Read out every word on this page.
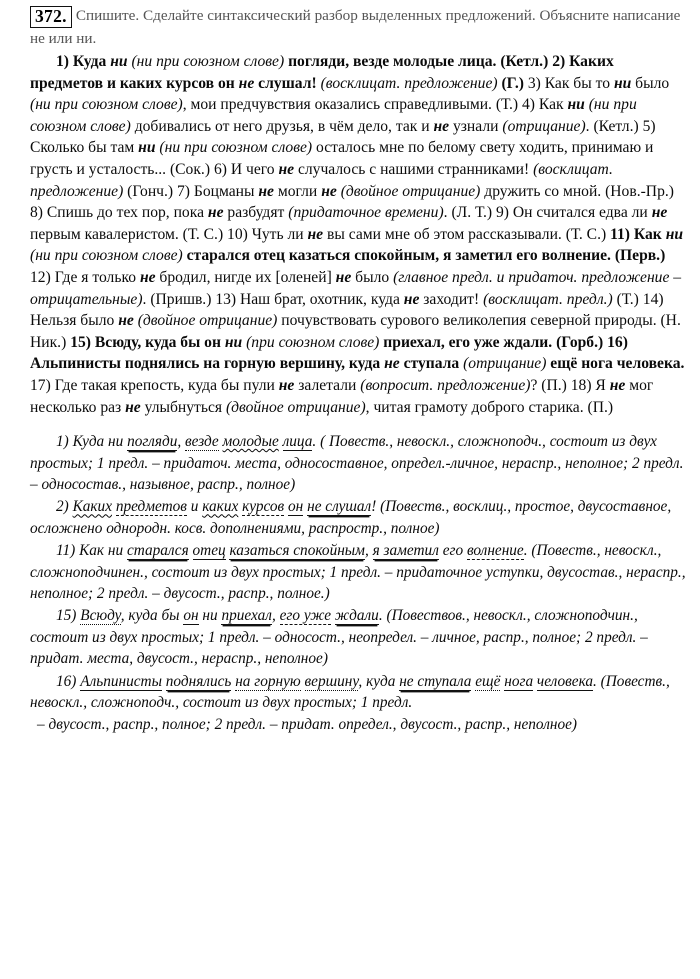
372. Спишите. Сделайте синтаксический разбор выделенных предложений. Объясните написание не или ни.
1) Куда ни (ни при союзном слове) погляди, везде молодые лица. (Кетл.) 2) Каких предметов и каких курсов он не слушал! (восклицат. предложение) (Г.) 3) Как бы то ни было (ни при союзном слове), мои предчувствия оказались справедливыми. (Т.) 4) Как ни (ни при союзном слове) добивались от него друзья, в чём дело, так и не узнали (отрицание). (Кетл.) 5) Сколько бы там ни (ни при союзном слове) осталось мне по белому свету ходить, принимаю и грусть и усталость... (Сок.) 6) И чего не случалось с нашими странниками! (восклицат. предложение) (Гонч.) 7) Боцманы не могли не (двойное отрицание) дружить со мной. (Нов.-Пр.) 8) Спишь до тех пор, пока не разбудят (придаточное времени). (Л. Т.) 9) Он считался едва ли не первым кавалеристом. (Т. С.) 10) Чуть ли не вы сами мне об этом рассказывали. (Т. С.) 11) Как ни (ни при союзном слове) старался отец казаться спокойным, я заметил его волнение. (Перв.) 12) Где я только не бродил, нигде их [оленей] не было (главное предл. и придаточ. предложение – отрицательные). (Пришв.) 13) Наш брат, охотник, куда не заходит! (восклицат. предл.) (Т.) 14) Нельзя было не (двойное отрицание) почувствовать сурового великолепия северной природы. (Н. Ник.) 15) Всюду, куда бы он ни (при союзном слове) приехал, его уже ждали. (Горб.) 16) Альпинисты поднялись на горную вершину, куда не ступала (отрицание) ещё нога человека. 17) Где такая крепость, куда бы пули не залетали (вопросит. предложение)? (П.) 18) Я не мог несколько раз не улыбнуться (двойное отрицание), читая грамоту доброго старика. (П.)

1) Куда ни погляди, везде молодые лица. ( Повеств., невоскл., сложноподч., состоит из двух простых; 1 предл. – придаточ. места, односоставное, определ.-личное, нераспр., неполное; 2 предл. – односостав., назывное, распр., полное)

2) Каких предметов и каких курсов он не слушал! (Повеств., восклиц., простое, двусоставное, осложнено однородн. косв. дополнениями, распростр., полное)

11) Как ни старался отец казаться спокойным, я заметил его волнение. (Повеств., невоскл., сложноподчинен., состоит из двух простых; 1 предл. – придаточное уступки, двусостав., нераспр., неполное; 2 предл. – двусост., распр., полное.)

15) Всюду, куда бы он ни приехал, его уже ждали. (Повествов., невоскл., сложноподчин., состоит из двух простых; 1 предл. – односост., неопредел. – личное, распр., полное; 2 предл. – придат. места, двусост., нераспр., неполное)

16) Альпинисты поднялись на горную вершину, куда не ступала ещё нога человека. (Повеств., невоскл., сложноподч., состоит из двух простых; 1 предл.

– двусост., распр., полное; 2 предл. – придат. определ., двусост., распр., неполное)
